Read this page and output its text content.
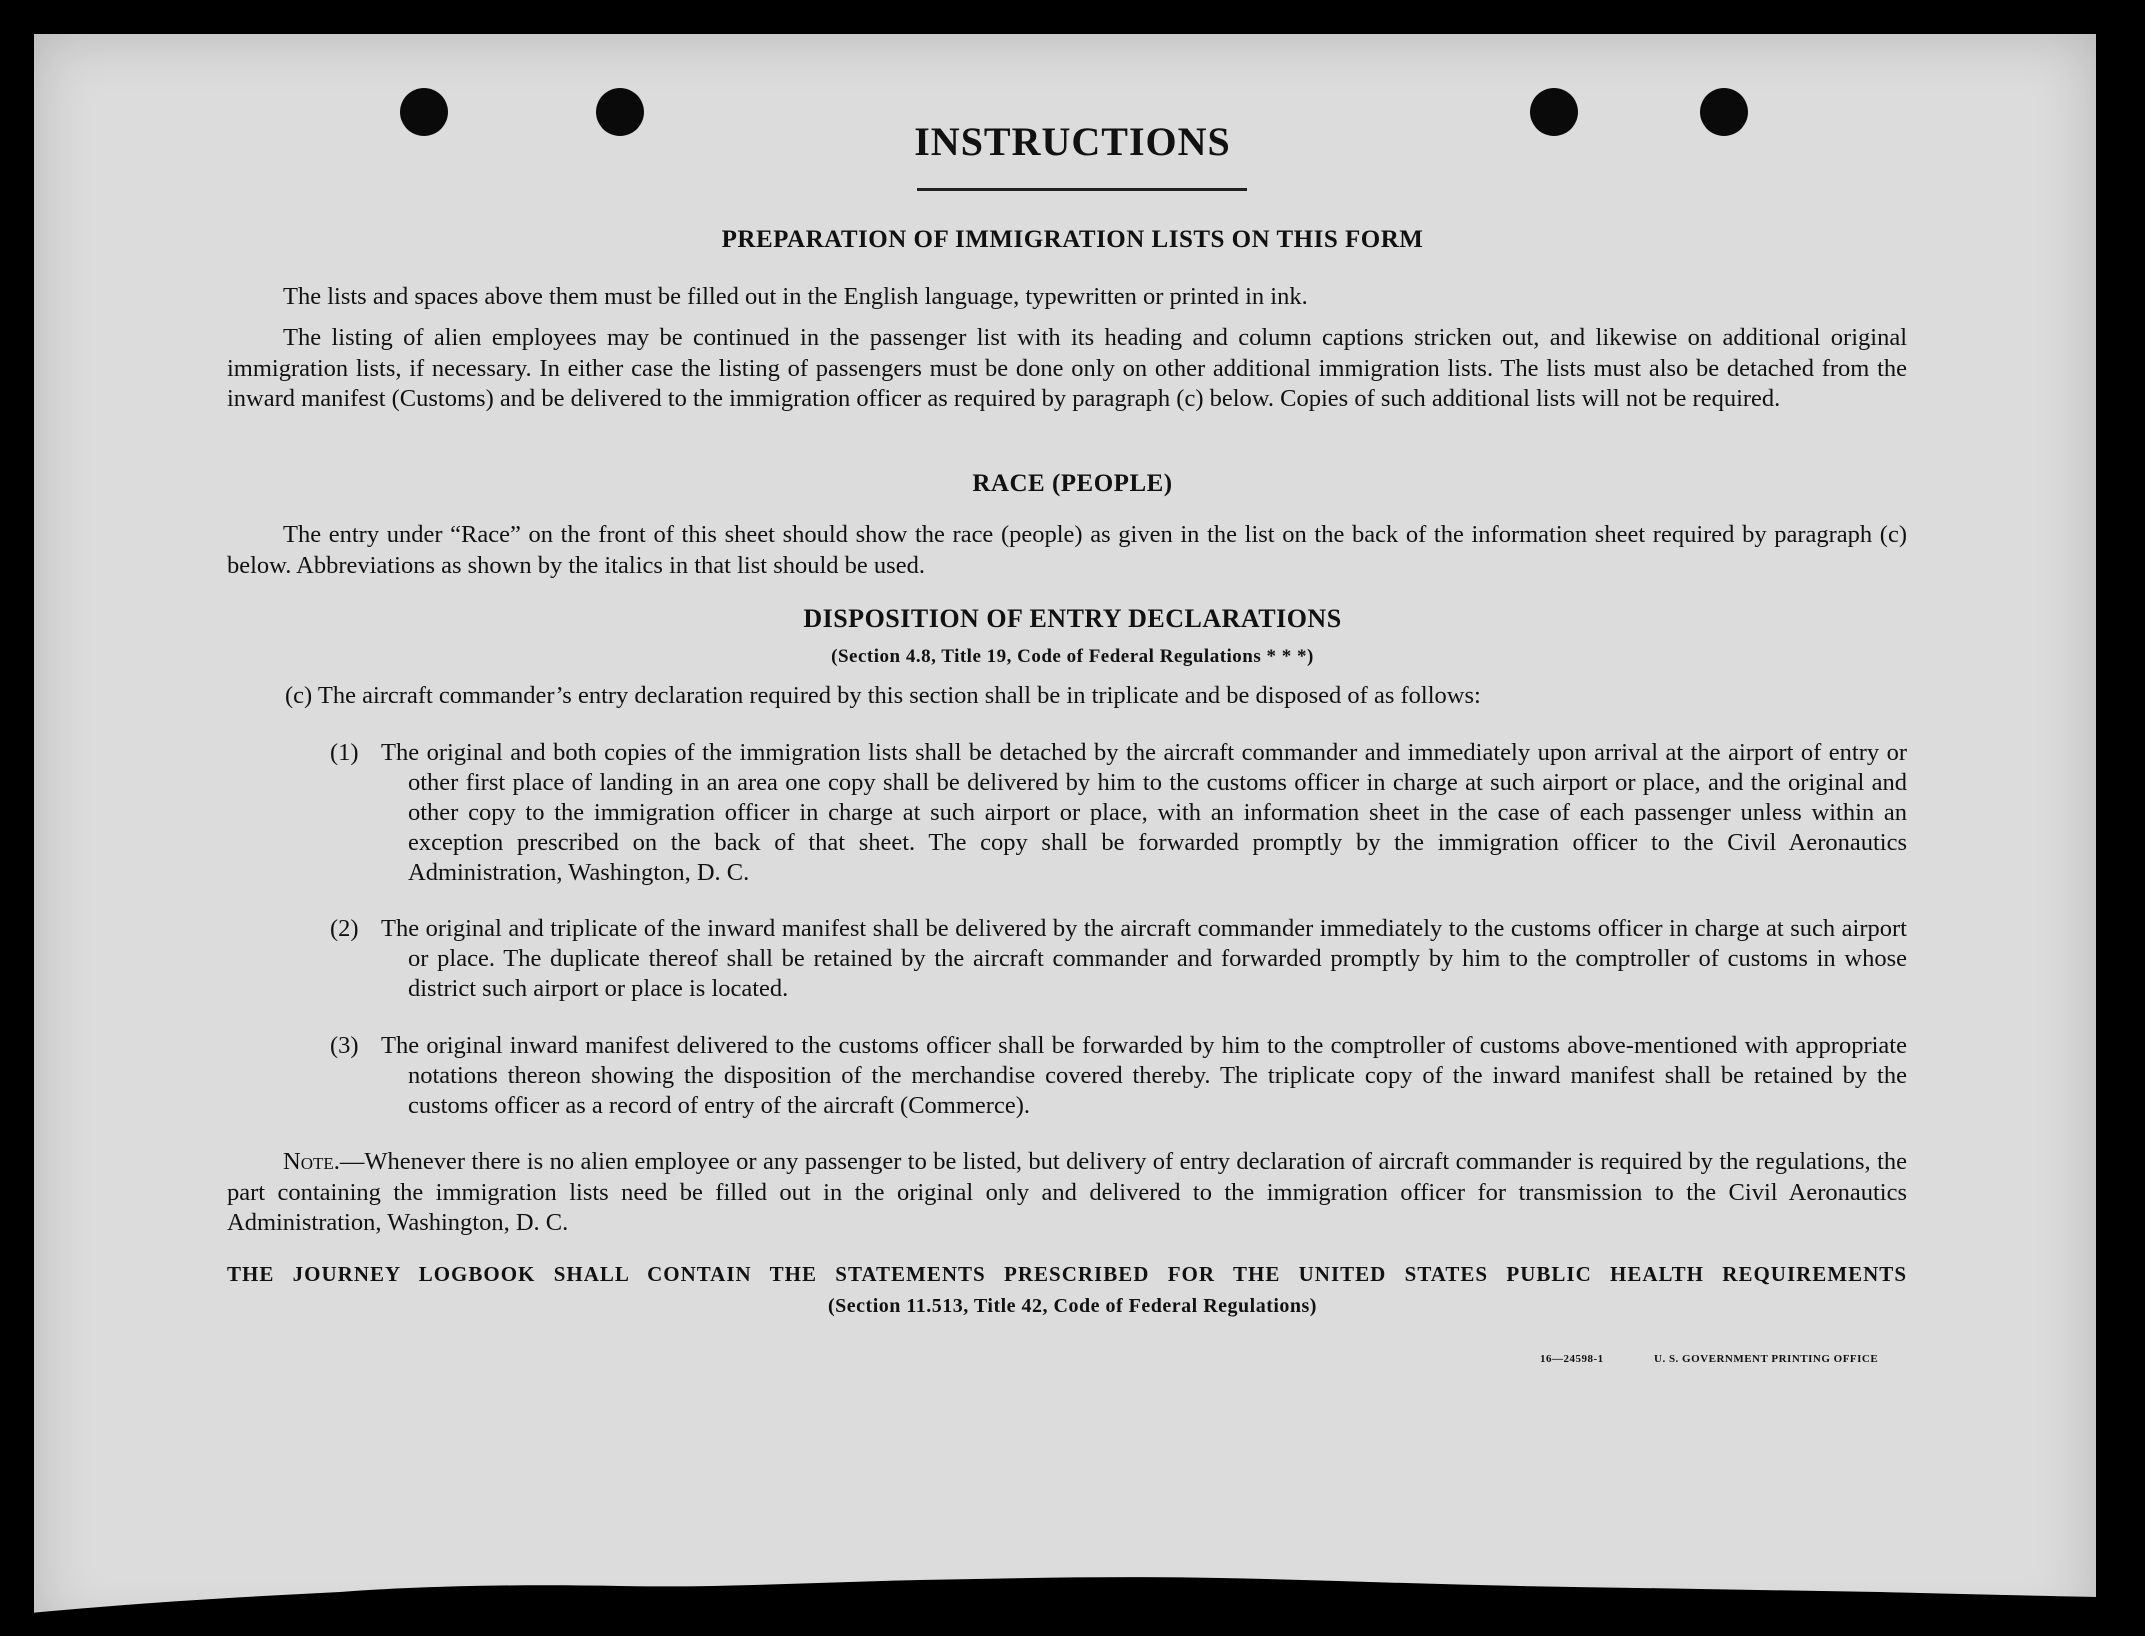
INSTRUCTIONS
PREPARATION OF IMMIGRATION LISTS ON THIS FORM
The lists and spaces above them must be filled out in the English language, typewritten or printed in ink.
The listing of alien employees may be continued in the passenger list with its heading and column captions stricken out, and likewise on additional original immigration lists, if necessary. In either case the listing of passengers must be done only on other additional immigration lists. The lists must also be detached from the inward manifest (Customs) and be delivered to the immigration officer as required by paragraph (c) below. Copies of such additional lists will not be required.
RACE (PEOPLE)
The entry under “Race” on the front of this sheet should show the race (people) as given in the list on the back of the information sheet required by paragraph (c) below. Abbreviations as shown by the italics in that list should be used.
DISPOSITION OF ENTRY DECLARATIONS
(Section 4.8, Title 19, Code of Federal Regulations * * *)
(c) The aircraft commander’s entry declaration required by this section shall be in triplicate and be disposed of as follows:
(1) The original and both copies of the immigration lists shall be detached by the aircraft commander and immediately upon arrival at the airport of entry or other first place of landing in an area one copy shall be delivered by him to the customs officer in charge at such airport or place, and the original and other copy to the immigration officer in charge at such airport or place, with an information sheet in the case of each passenger unless within an exception prescribed on the back of that sheet. The copy shall be forwarded promptly by the immigration officer to the Civil Aeronautics Administration, Washington, D. C.
(2) The original and triplicate of the inward manifest shall be delivered by the aircraft commander immediately to the customs officer in charge at such airport or place. The duplicate thereof shall be retained by the aircraft commander and forwarded promptly by him to the comptroller of customs in whose district such airport or place is located.
(3) The original inward manifest delivered to the customs officer shall be forwarded by him to the comptroller of customs above-mentioned with appropriate notations thereon showing the disposition of the merchandise covered thereby. The triplicate copy of the inward manifest shall be retained by the customs officer as a record of entry of the aircraft (Commerce).
Note.—Whenever there is no alien employee or any passenger to be listed, but delivery of entry declaration of aircraft commander is required by the regulations, the part containing the immigration lists need be filled out in the original only and delivered to the immigration officer for transmission to the Civil Aeronautics Administration, Washington, D. C.
THE JOURNEY LOGBOOK SHALL CONTAIN THE STATEMENTS PRESCRIBED FOR THE UNITED STATES PUBLIC HEALTH REQUIREMENTS
(Section 11.513, Title 42, Code of Federal Regulations)
16—24598-1	U. S. GOVERNMENT PRINTING OFFICE
